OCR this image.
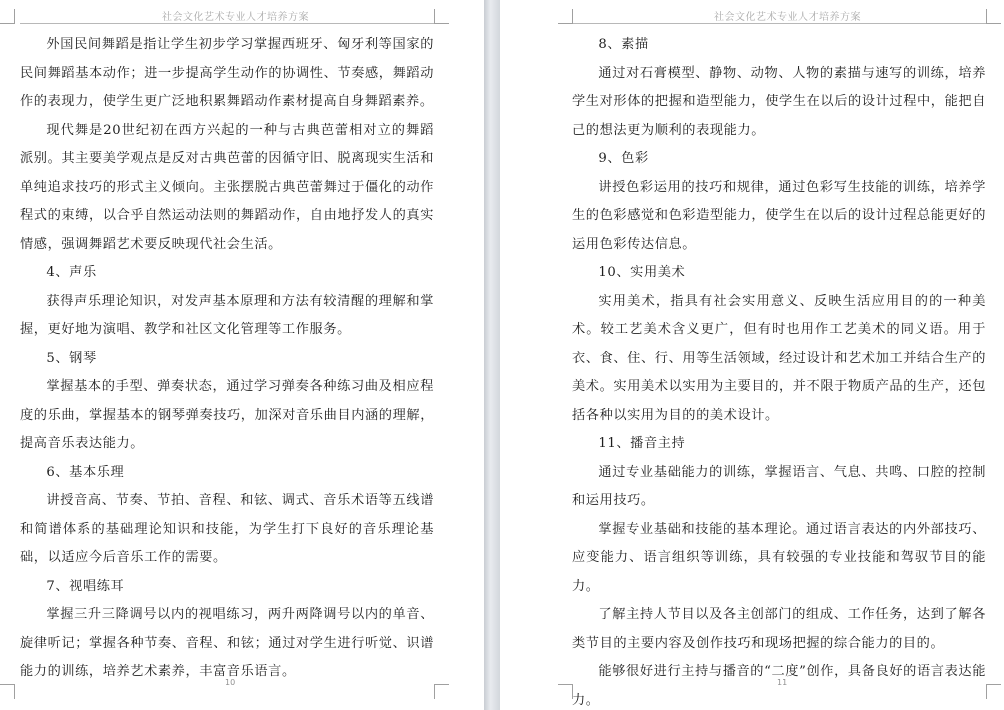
社会文化艺术专业人才培养方案

外国民间舞蹈是指让学生初步学习掌握西班牙、匈牙利等国家的民间舞蹈基本动作；进一步提高学生动作的协调性、节奏感，舞蹈动作的表现力，使学生更广泛地积累舞蹈动作素材提高自身舞蹈素养。

现代舞是20世纪初在西方兴起的一种与古典芭蕾相对立的舞蹈派别。其主要美学观点是反对古典芭蕾的因循守旧、脱离现实生活和单纯追求技巧的形式主义倾向。主张摆脱古典芭蕾舞过于僵化的动作程式的束缚，以合乎自然运动法则的舞蹈动作，自由地抒发人的真实情感，强调舞蹈艺术要反映现代社会生活。

4、声乐

获得声乐理论知识，对发声基本原理和方法有较清醒的理解和掌握，更好地为演唱、教学和社区文化管理等工作服务。

5、钢琴

掌握基本的手型、弹奏状态，通过学习弹奏各种练习曲及相应程度的乐曲，掌握基本的钢琴弹奏技巧，加深对音乐曲目内涵的理解，提高音乐表达能力。

6、基本乐理

讲授音高、节奏、节拍、音程、和铉、调式、音乐术语等五线谱和简谱体系的基础理论知识和技能，为学生打下良好的音乐理论基础，以适应今后音乐工作的需要。

7、视唱练耳

掌握三升三降调号以内的视唱练习，两升两降调号以内的单音、旋律听记；掌握各种节奏、音程、和铉；通过对学生进行听觉、识谱能力的训练，培养艺术素养，丰富音乐语言。

10
社会文化艺术专业人才培养方案

8、素描

通过对石膏模型、静物、动物、人物的素描与速写的训练，培养学生对形体的把握和造型能力，使学生在以后的设计过程中，能把自己的想法更为顺利的表现能力。

9、色彩

讲授色彩运用的技巧和规律，通过色彩写生技能的训练，培养学生的色彩感觉和色彩造型能力，使学生在以后的设计过程总能更好的运用色彩传达信息。

10、实用美术

实用美术，指具有社会实用意义、反映生活应用目的的一种美术。较工艺美术含义更广，但有时也用作工艺美术的同义语。用于衣、食、住、行、用等生活领域，经过设计和艺术加工并结合生产的美术。实用美术以实用为主要目的，并不限于物质产品的生产，还包括各种以实用为目的的美术设计。

11、播音主持

通过专业基础能力的训练，掌握语言、气息、共鸣、口腔的控制和运用技巧。

掌握专业基础和技能的基本理论。通过语言表达的内外部技巧、应变能力、语言组织等训练，具有较强的专业技能和驾驭节目的能力。

了解主持人节目以及各主创部门的组成、工作任务，达到了解各类节目的主要内容及创作技巧和现场把握的综合能力的目的。

能够很好进行主持与播音的“二度”创作，具备良好的语言表达能力。

11
